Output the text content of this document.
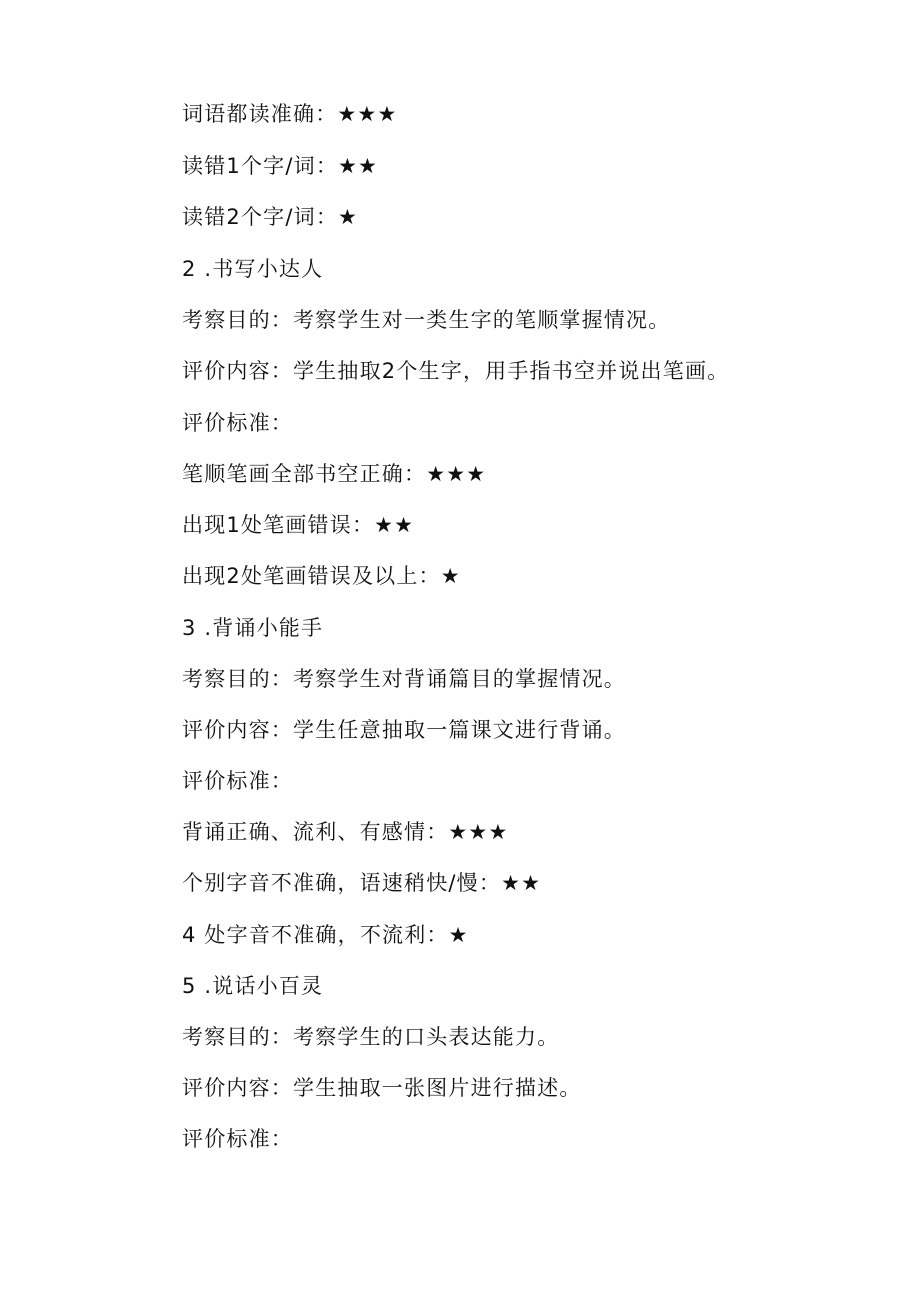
词语都读准确：★★★
读错1个字/词：★★
读错2个字/词：★
2 .书写小达人
考察目的：考察学生对一类生字的笔顺掌握情况。
评价内容：学生抽取2个生字，用手指书空并说出笔画。
评价标准：
笔顺笔画全部书空正确：★★★
出现1处笔画错误：★★
出现2处笔画错误及以上：★
3 .背诵小能手
考察目的：考察学生对背诵篇目的掌握情况。
评价内容：学生任意抽取一篇课文进行背诵。
评价标准：
背诵正确、流利、有感情：★★★
个别字音不准确，语速稍快/慢：★★
4 处字音不准确，不流利：★
5 .说话小百灵
考察目的：考察学生的口头表达能力。
评价内容：学生抽取一张图片进行描述。
评价标准：
